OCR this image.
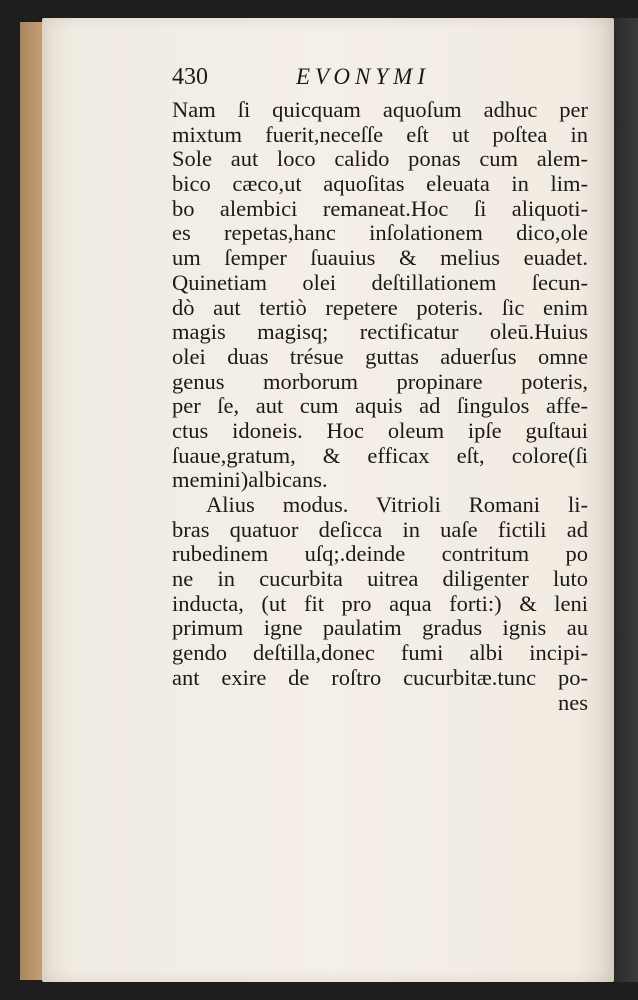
430	EVONYMI
Nam ſi quicquam aquoſum adhuc per
mixtum fuerit,neceſſe eſt ut poſtea in
Sole aut loco calido ponas cum alem-
bico cæco,ut aquoſitas eleuata in lim-
bo alembici remaneat.Hoc ſi aliquoti-
es repetas,hanc inſolationem dico,ole
um ſemper ſuauius & melius euadet.
Quinetiam olei deſtillationem ſecun-
dò aut tertiò repetere poteris. ſic enim
magis magisq; rectificatur oleū.Huius
olei duas trésue guttas aduerſus omne
genus morborum propinare poteris,
per ſe, aut cum aquis ad ſingulos affe-
ctus idoneis. Hoc oleum ipſe guſtaui
ſuaue,gratum, & efficax eſt, colore(ſi
memini)albicans.
Alius modus. Vitrioli Romani li-
bras quatuor deſicca in uaſe fictili ad
rubedinem uſq;.deinde contritum po
ne in cucurbita uitrea diligenter luto
inducta, (ut fit pro aqua forti:) & leni
primum igne paulatim gradus ignis au
gendo deſtilla,donec fumi albi incipi-
ant exire de roſtro cucurbitæ.tunc po-
nes
